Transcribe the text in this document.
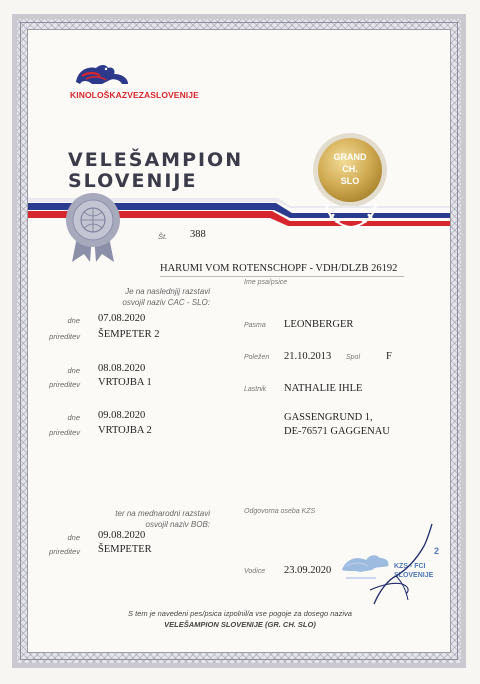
KINOLOŠKAZVEZASLOVENIJE
VELEŠAMPION
SLOVENIJE
GRAND
CH.
SLO
Št. 388
HARUMI VOM ROTENSCHOPF - VDH/DLZB 26192
Ime psa/psice
Je na naslednjij razstavi
osvojil naziv CAC - SLO:
dne 07.08.2020
prireditev ŠEMPETER 2
dne 08.08.2020
prireditev VRTOJBA 1
dne 09.08.2020
prireditev VRTOJBA 2
Pasma LEONBERGER
Poležen 21.10.2013 Spol F
Lastnik NATHALIE IHLE
GASSENGRUND 1,
DE-76571 GAGGENAU
ter na mednarodni razstavi
osvojil naziv BOB:
dne 09.08.2020
prireditev ŠEMPETER
Odgovorna oseba KZS
KZS - FCI
SLOVENIJE
2
Vodice 23.09.2020
S tem je navedeni pes/psica izpolnil/a vse pogoje za dosego naziva
VELEŠAMPION SLOVENIJE (GR. CH. SLO)
